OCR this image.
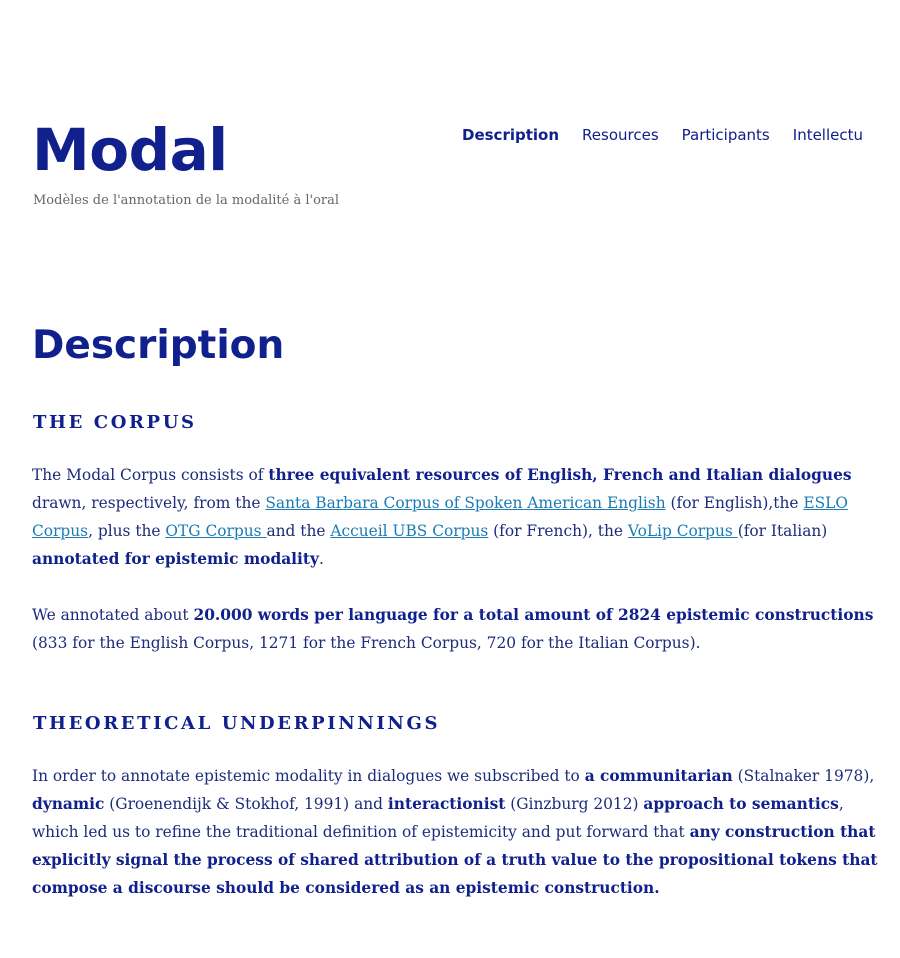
Modal
Modèles de l'annotation de la modalité à l'oral
Description Resources Participants Intellectu
Description
THE CORPUS

The Modal Corpus consists of three equivalent resources of English, French and Italian dialogues drawn, respectively, from the Santa Barbara Corpus of Spoken American English (for English),the ESLO Corpus, plus the OTG Corpus and the Accueil UBS Corpus (for French), the VoLip Corpus (for Italian) annotated for epistemic modality.

We annotated about 20.000 words per language for a total amount of 2824 epistemic constructions (833 for the English Corpus, 1271 for the French Corpus, 720 for the Italian Corpus).

THEORETICAL UNDERPINNINGS

In order to annotate epistemic modality in dialogues we subscribed to a communitarian (Stalnaker 1978), dynamic (Groenendijk & Stokhof, 1991) and interactionist (Ginzburg 2012) approach to semantics, which led us to refine the traditional definition of epistemicity and put forward that any construction that explicitly signal the process of shared attribution of a truth value to the propositional tokens that compose a discourse should be considered as an epistemic construction.
